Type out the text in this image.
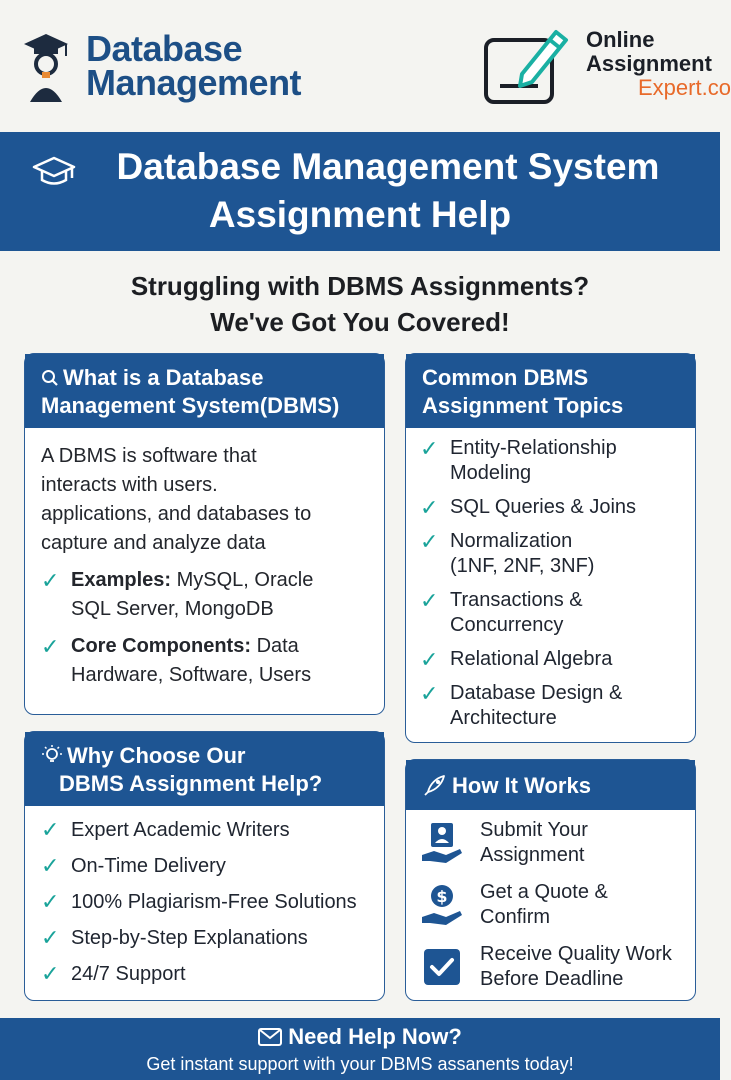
Database
Management
Online
Assignment
Expert.co
Database Management System
Assignment Help
Struggling with DBMS Assignments?
We've Got You Covered!
What is a Database
Management System(DBMS)
A DBMS is software that
interacts with users.
applications, and databases to
capture and analyze data
✓ Examples: MySQL, Oracle
SQL Server, MongoDB
✓ Core Components: Data
Hardware, Software, Users
Common DBMS
Assignment Topics
✓ Entity-Relationship
Modeling
✓ SQL Queries & Joins
✓ Normalization
(1NF, 2NF, 3NF)
✓ Transactions &
Concurrency
✓ Relational Algebra
✓ Database Design &
Architecture
Why Choose Our
DBMS Assignment Help?
✓ Expert Academic Writers
✓ On-Time Delivery
✓ 100% Plagiarism-Free Solutions
✓ Step-by-Step Explanations
✓ 24/7 Support
How It Works
Submit Your
Assignment
$ Get a Quote & Confirm
Receive Quality Work
Before Deadline
Need Help Now?
Get instant support with your DBMS assanents today!
